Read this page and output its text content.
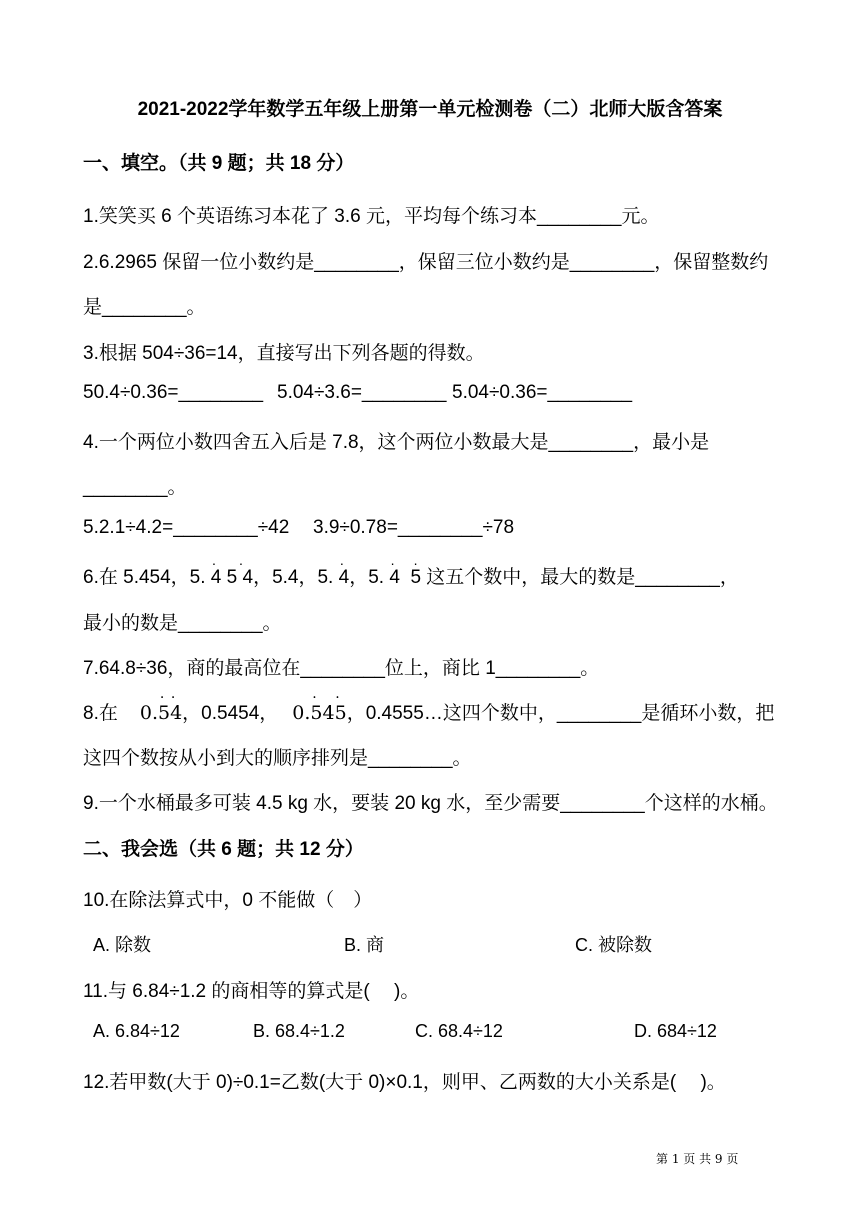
2021-2022学年数学五年级上册第一单元检测卷（二）北师大版含答案
一、填空。（共 9 题；共 18 分）
1.笑笑买 6 个英语练习本花了 3.6 元，平均每个练习本________元。
2.6.2965 保留一位小数约是________，保留三位小数约是________，保留整数约
是________。
3.根据 504÷36=14，直接写出下列各题的得数。
50.4÷0.36=________ 5.04÷3.6=________ 5.04÷0.36=________
4.一个两位小数四舍五入后是 7.8，这个两位小数最大是________，最小是
________。
5.2.1÷4.2=________÷42 3.9÷0.78=________÷78
6.在 5.454，5. 4 5 4
· ·
，5.4，5. 4
·
，5. 4  5
· ·
这五个数中，最大的数是________，
最小的数是________。
7.64.8÷36，商的最高位在________位上，商比 1________。
8.在 0.54
· ·
，0.5454， 0.545
· ·
，0.4555…这四个数中，________是循环小数，把
这四个数按从小到大的顺序排列是________。
9.一个水桶最多可装 4.5 kg 水，要装 20 kg 水，至少需要________个这样的水桶。
二、我会选（共 6 题；共 12 分）
10.在除法算式中，0 不能做（　）
A. 除数	B. 商	C. 被除数
11.与 6.84÷1.2 的商相等的算式是(　 )。
A. 6.84÷12	B. 68.4÷1.2	C. 68.4÷12	D. 684÷12
12.若甲数(大于 0)÷0.1=乙数(大于 0)×0.1，则甲、乙两数的大小关系是(　 )。
第 1 页 共 9 页
